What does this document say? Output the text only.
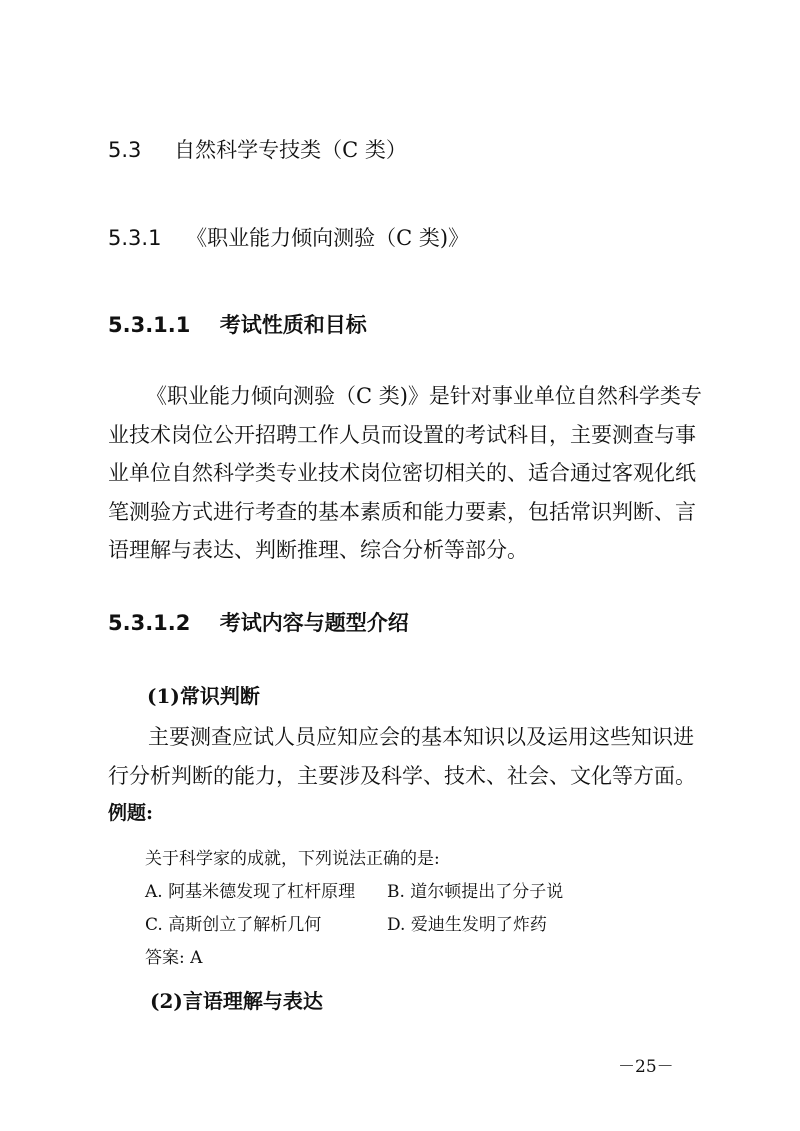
5.3 自然科学专技类（C 类）
5.3.1 《职业能力倾向测验（C 类)》
5.3.1.1 考试性质和目标
《职业能力倾向测验（C 类)》是针对事业单位自然科学类专
业技术岗位公开招聘工作人员而设置的考试科目，主要测查与事
业单位自然科学类专业技术岗位密切相关的、适合通过客观化纸
笔测验方式进行考查的基本素质和能力要素，包括常识判断、言
语理解与表达、判断推理、综合分析等部分。
5.3.1.2 考试内容与题型介绍
(1)常识判断
主要测查应试人员应知应会的基本知识以及运用这些知识进
行分析判断的能力，主要涉及科学、技术、社会、文化等方面。
例题:
关于科学家的成就，下列说法正确的是:
A. 阿基米德发现了杠杆原理 B. 道尔顿提出了分子说
C. 高斯创立了解析几何	D. 爱迪生发明了炸药
答案: A
(2)言语理解与表达
－25－
